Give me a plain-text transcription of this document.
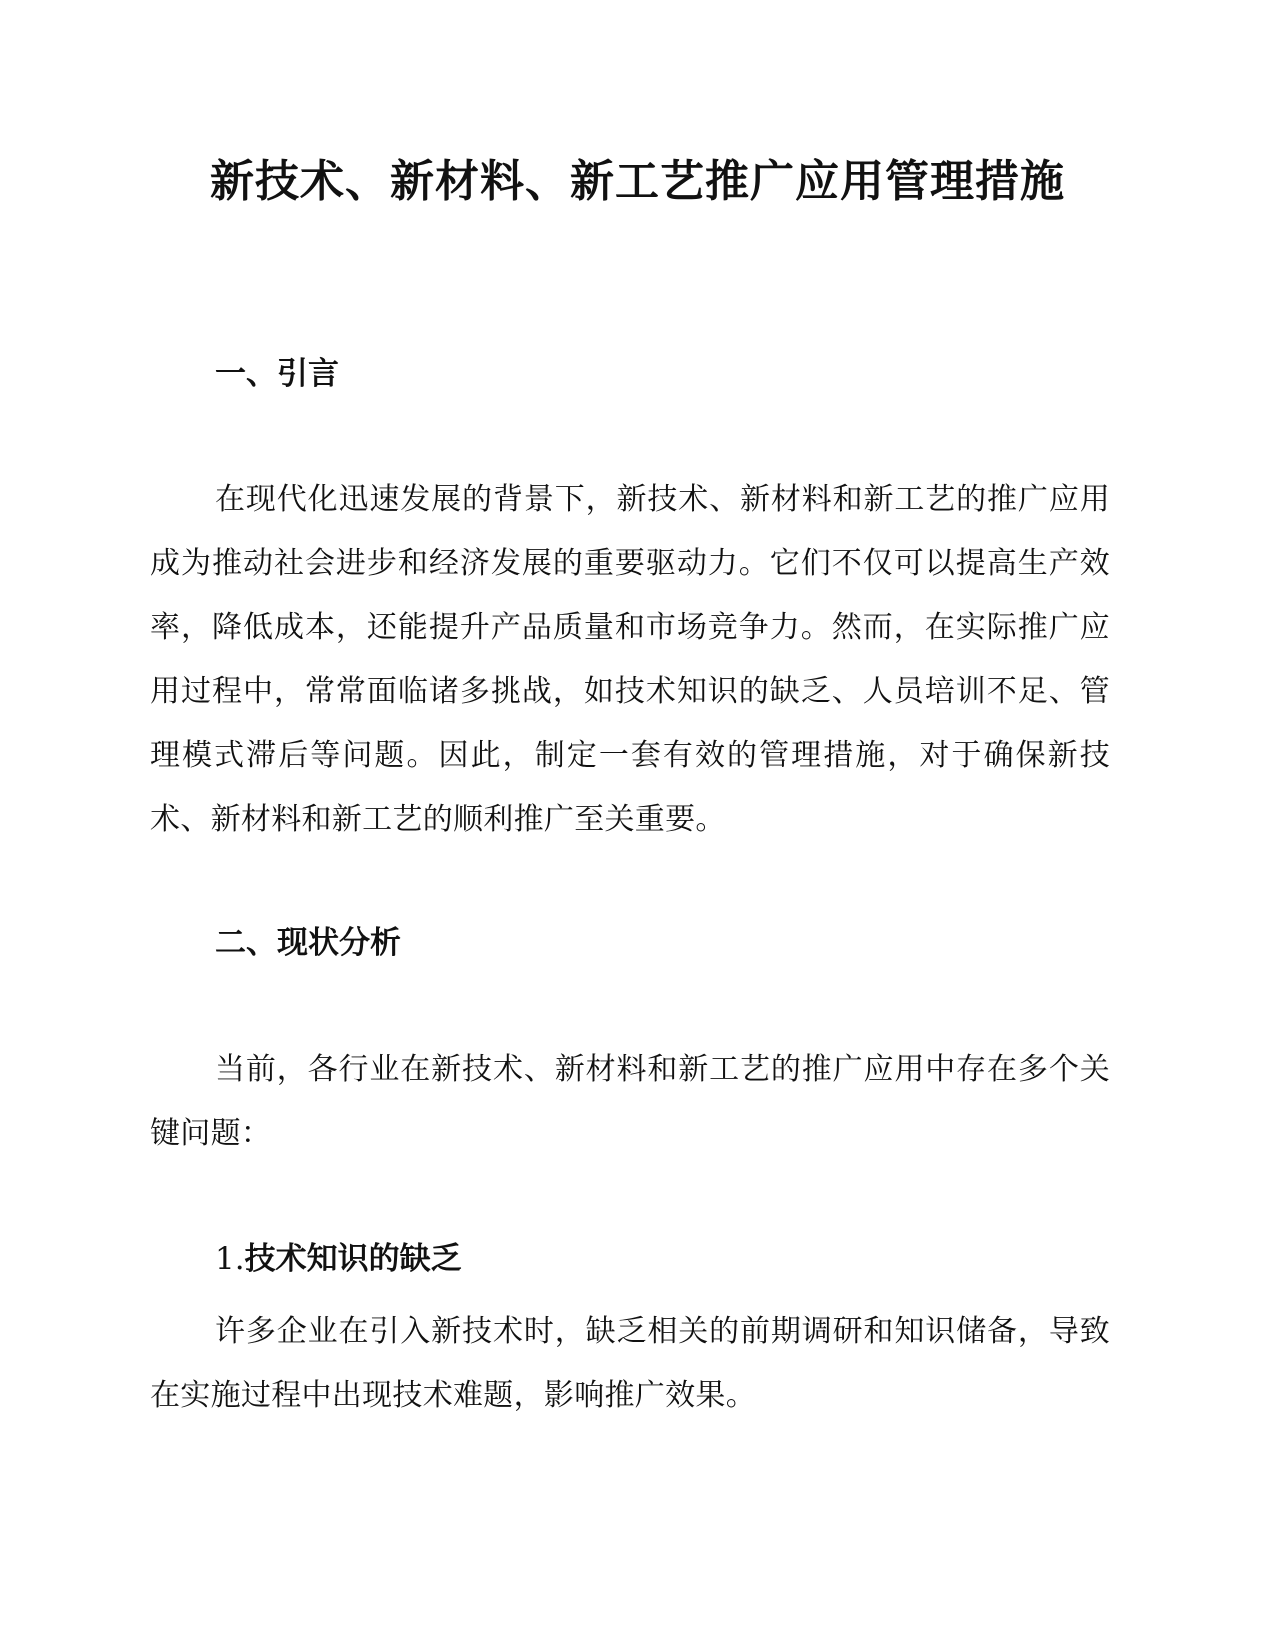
新技术、新材料、新工艺推广应用管理措施
一、引言

在现代化迅速发展的背景下，新技术、新材料和新工艺的推广应用成为推动社会进步和经济发展的重要驱动力。它们不仅可以提高生产效率，降低成本，还能提升产品质量和市场竞争力。然而，在实际推广应用过程中，常常面临诸多挑战，如技术知识的缺乏、人员培训不足、管理模式滞后等问题。因此，制定一套有效的管理措施，对于确保新技术、新材料和新工艺的顺利推广至关重要。

二、现状分析

当前，各行业在新技术、新材料和新工艺的推广应用中存在多个关键问题：

1.技术知识的缺乏

许多企业在引入新技术时，缺乏相关的前期调研和知识储备，导致在实施过程中出现技术难题，影响推广效果。
